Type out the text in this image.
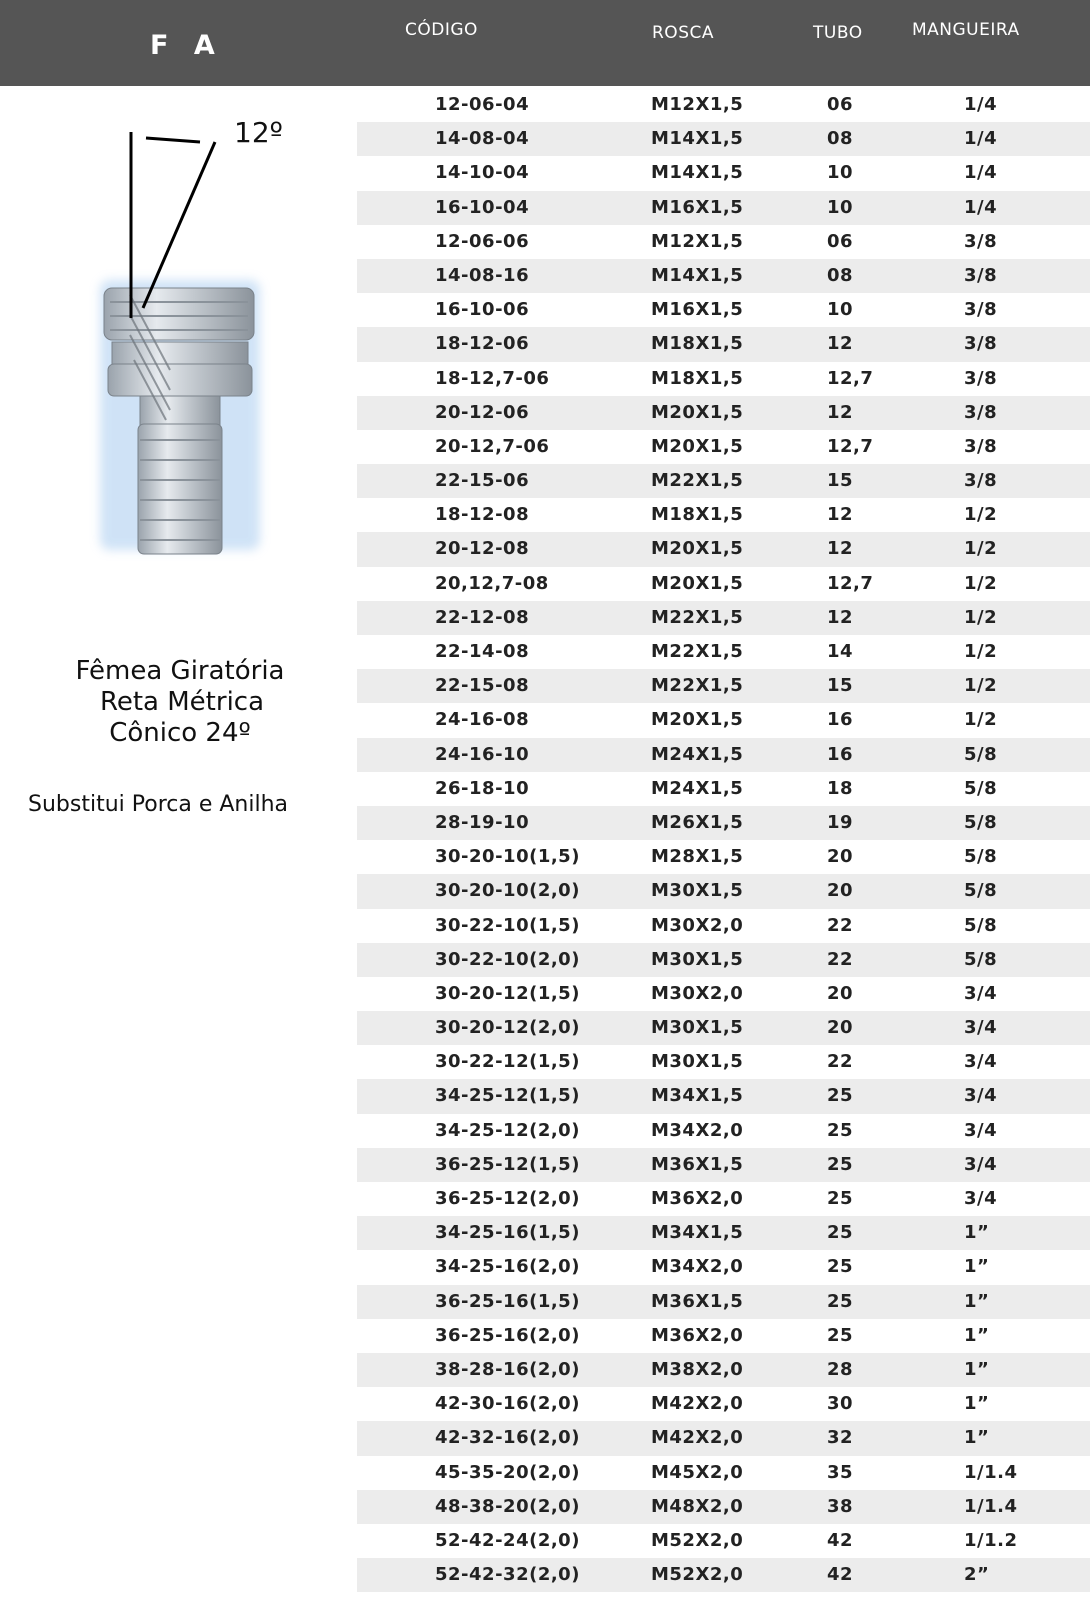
F A	CÓDIGO	ROSCA	TUBO	MANGUEIRA
12º
Fêmea Giratória
Reta Métrica
Cônico 24º
Substitui Porca e Anilha
12-06-04	M12X1,5	06	1/4
14-08-04	M14X1,5	08	1/4
14-10-04	M14X1,5	10	1/4
16-10-04	M16X1,5	10	1/4
12-06-06	M12X1,5	06	3/8
14-08-16	M14X1,5	08	3/8
16-10-06	M16X1,5	10	3/8
18-12-06	M18X1,5	12	3/8
18-12,7-06	M18X1,5	12,7	3/8
20-12-06	M20X1,5	12	3/8
20-12,7-06	M20X1,5	12,7	3/8
22-15-06	M22X1,5	15	3/8
18-12-08	M18X1,5	12	1/2
20-12-08	M20X1,5	12	1/2
20,12,7-08	M20X1,5	12,7	1/2
22-12-08	M22X1,5	12	1/2
22-14-08	M22X1,5	14	1/2
22-15-08	M22X1,5	15	1/2
24-16-08	M20X1,5	16	1/2
24-16-10	M24X1,5	16	5/8
26-18-10	M24X1,5	18	5/8
28-19-10	M26X1,5	19	5/8
30-20-10(1,5)	M28X1,5	20	5/8
30-20-10(2,0)	M30X1,5	20	5/8
30-22-10(1,5)	M30X2,0	22	5/8
30-22-10(2,0)	M30X1,5	22	5/8
30-20-12(1,5)	M30X2,0	20	3/4
30-20-12(2,0)	M30X1,5	20	3/4
30-22-12(1,5)	M30X1,5	22	3/4
34-25-12(1,5)	M34X1,5	25	3/4
34-25-12(2,0)	M34X2,0	25	3/4
36-25-12(1,5)	M36X1,5	25	3/4
36-25-12(2,0)	M36X2,0	25	3/4
34-25-16(1,5)	M34X1,5	25	1”
34-25-16(2,0)	M34X2,0	25	1”
36-25-16(1,5)	M36X1,5	25	1”
36-25-16(2,0)	M36X2,0	25	1”
38-28-16(2,0)	M38X2,0	28	1”
42-30-16(2,0)	M42X2,0	30	1”
42-32-16(2,0)	M42X2,0	32	1”
45-35-20(2,0)	M45X2,0	35	1/1.4
48-38-20(2,0)	M48X2,0	38	1/1.4
52-42-24(2,0)	M52X2,0	42	1/1.2
52-42-32(2,0)	M52X2,0	42	2”
